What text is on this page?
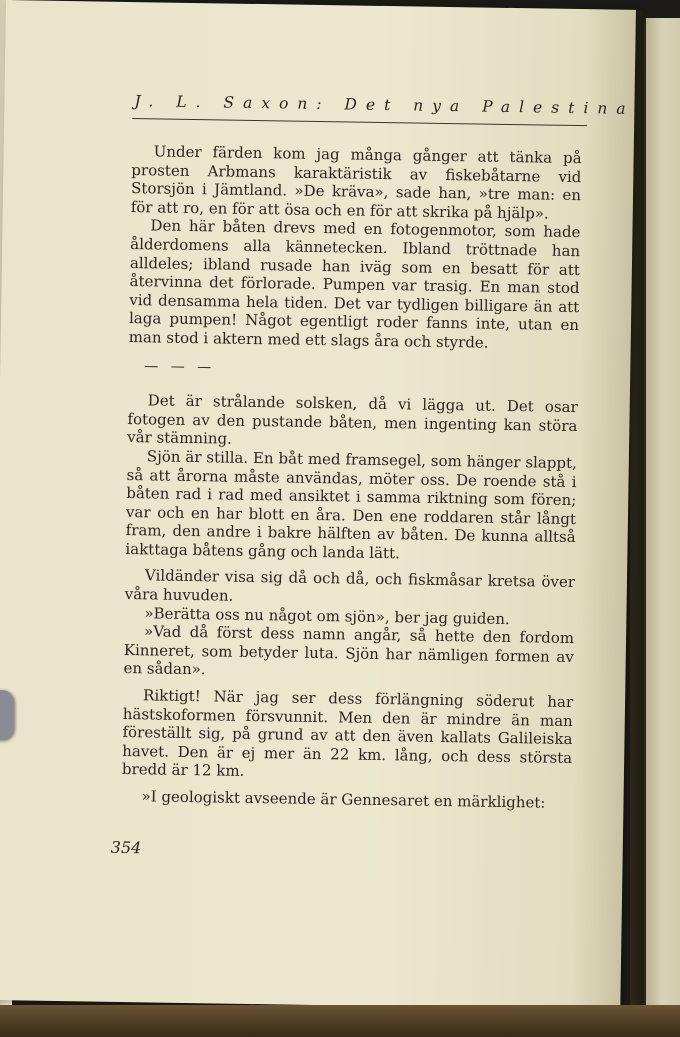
J. L. Saxon: Det nya Palestina

Under färden kom jag många gånger att tänka på prosten Arbmans karaktäristik av fiskebåtarne vid Storsjön i Jämtland. »De kräva», sade han, »tre man: en för att ro, en för att ösa och en för att skrika på hjälp».

Den här båten drevs med en fotogenmotor, som hade ålderdomens alla kännetecken. Ibland tröttnade han alldeles; ibland rusade han iväg som en besatt för att återvinna det förlorade. Pumpen var trasig. En man stod vid densamma hela tiden. Det var tydligen billigare än att laga pumpen! Något egentligt roder fanns inte, utan en man stod i aktern med ett slags åra och styrde.

— — —

Det är strålande solsken, då vi lägga ut. Det osar fotogen av den pustande båten, men ingenting kan störa vår stämning.

Sjön är stilla. En båt med framsegel, som hänger slappt, så att årorna måste användas, möter oss. De roende stå i båten rad i rad med ansiktet i samma riktning som fören; var och en har blott en åra. Den ene roddaren står långt fram, den andre i bakre hälften av båten. De kunna alltså iakttaga båtens gång och landa lätt.

Vildänder visa sig då och då, och fiskmåsar kretsa över våra huvuden.

»Berätta oss nu något om sjön», ber jag guiden.

»Vad då först dess namn angår, så hette den fordom Kinneret, som betyder luta. Sjön har nämligen formen av en sådan».

Riktigt! När jag ser dess förlängning söderut har hästskoformen försvunnit. Men den är mindre än man föreställt sig, på grund av att den även kallats Galileiska havet. Den är ej mer än 22 km. lång, och dess största bredd är 12 km.

»I geologiskt avseende är Gennesaret en märklighet:

354
